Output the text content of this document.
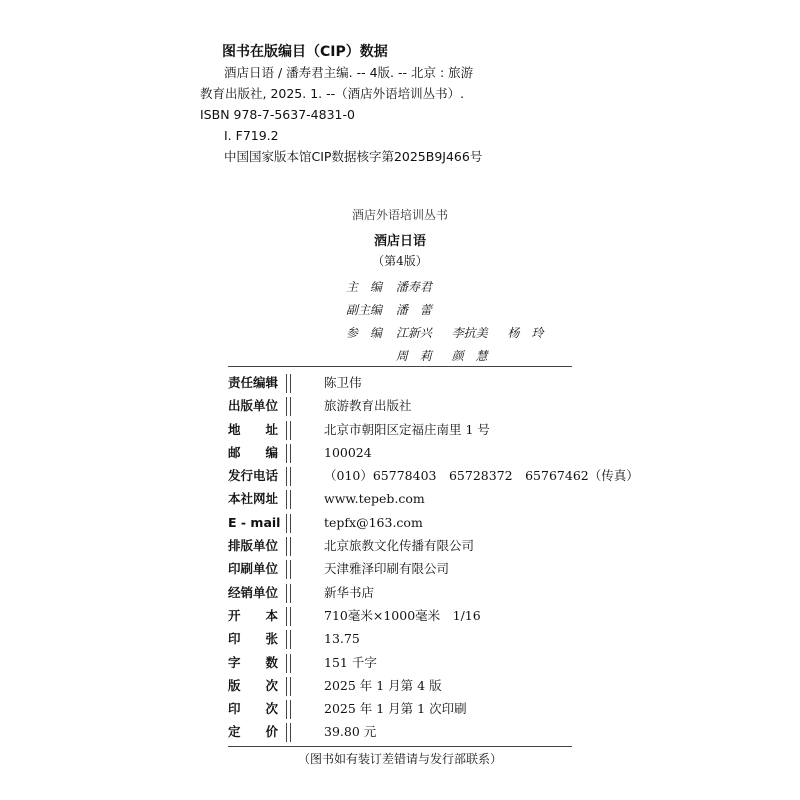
图书在版编目（CIP）数据
酒店日语 / 潘寿君主编. -- 4版. -- 北京 : 旅游
教育出版社, 2025. 1. --（酒店外语培训丛书）.
ISBN 978-7-5637-4831-0
Ⅰ. F719.2
中国国家版本馆CIP数据核字第2025B9J466号
酒店外语培训丛书
酒店日语
（第4版）
主　编 潘寿君
副主编 潘　蕾
参　编 江新兴 李抗美 杨　玲
周　莉 颜　慧
责任编辑	陈卫伟
出版单位	旅游教育出版社
地　　址	北京市朝阳区定福庄南里 1 号
邮　　编	100024
发行电话	（010）65778403　65728372　65767462（传真）
本社网址	www.tepeb.com
E - mail	tepfx@163.com
排版单位	北京旅教文化传播有限公司
印刷单位	天津雅泽印刷有限公司
经销单位	新华书店
开　　本	710毫米×1000毫米　1/16
印　　张	13.75
字　　数	151 千字
版　　次	2025 年 1 月第 4 版
印　　次	2025 年 1 月第 1 次印刷
定　　价	39.80 元
（图书如有装订差错请与发行部联系）
